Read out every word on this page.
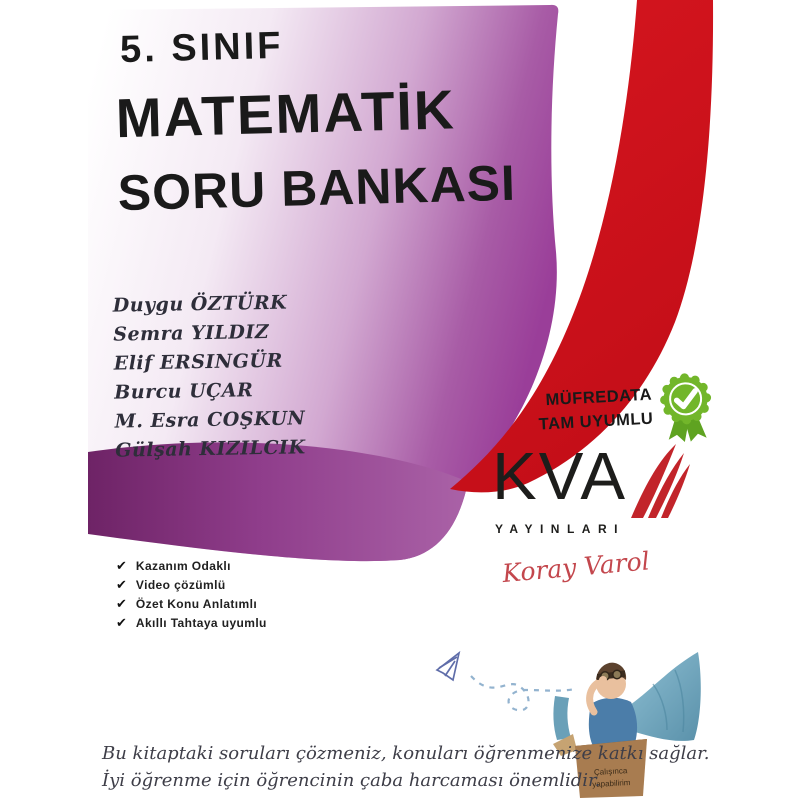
5. SINIF
MATEMATİK
SORU BANKASI
Duygu ÖZTÜRK
Semra YILDIZ
Elif ERSINGÜR
Burcu UÇAR
M. Esra COŞKUN
Gülşah KIZILCIK
MÜFREDATA
TAM UYUMLU
KVA
YAYINLARI
Koray Varol
✔ Kazanım Odaklı
✔ Video çözümlü
✔ Özet Konu Anlatımlı
✔ Akıllı Tahtaya uyumlu
Çalışınca
yapabilirim
Bu kitaptaki soruları çözmeniz, konuları öğrenmenize katkı sağlar.
İyi öğrenme için öğrencinin çaba harcaması önemlidir.
